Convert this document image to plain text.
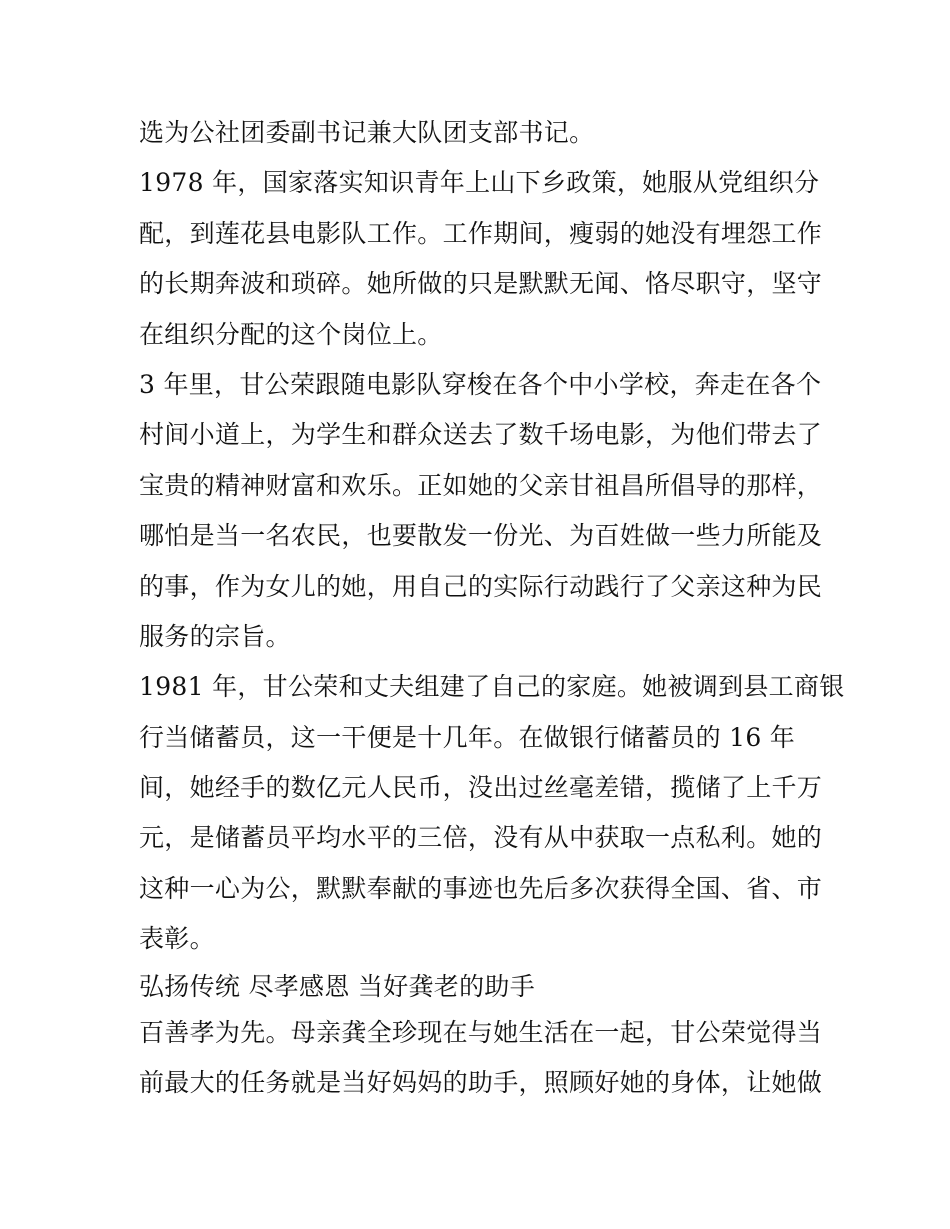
选为公社团委副书记兼大队团支部书记。
1978 年，国家落实知识青年上山下乡政策，她服从党组织分
配，到莲花县电影队工作。工作期间，瘦弱的她没有埋怨工作
的长期奔波和琐碎。她所做的只是默默无闻、恪尽职守，坚守
在组织分配的这个岗位上。
3 年里，甘公荣跟随电影队穿梭在各个中小学校，奔走在各个
村间小道上，为学生和群众送去了数千场电影，为他们带去了
宝贵的精神财富和欢乐。正如她的父亲甘祖昌所倡导的那样，
哪怕是当一名农民，也要散发一份光、为百姓做一些力所能及
的事，作为女儿的她，用自己的实际行动践行了父亲这种为民
服务的宗旨。
1981 年，甘公荣和丈夫组建了自己的家庭。她被调到县工商银
行当储蓄员，这一干便是十几年。在做银行储蓄员的 16 年
间，她经手的数亿元人民币，没出过丝毫差错，揽储了上千万
元，是储蓄员平均水平的三倍，没有从中获取一点私利。她的
这种一心为公，默默奉献的事迹也先后多次获得全国、省、市
表彰。
弘扬传统 尽孝感恩 当好龚老的助手
百善孝为先。母亲龚全珍现在与她生活在一起，甘公荣觉得当
前最大的任务就是当好妈妈的助手，照顾好她的身体，让她做
